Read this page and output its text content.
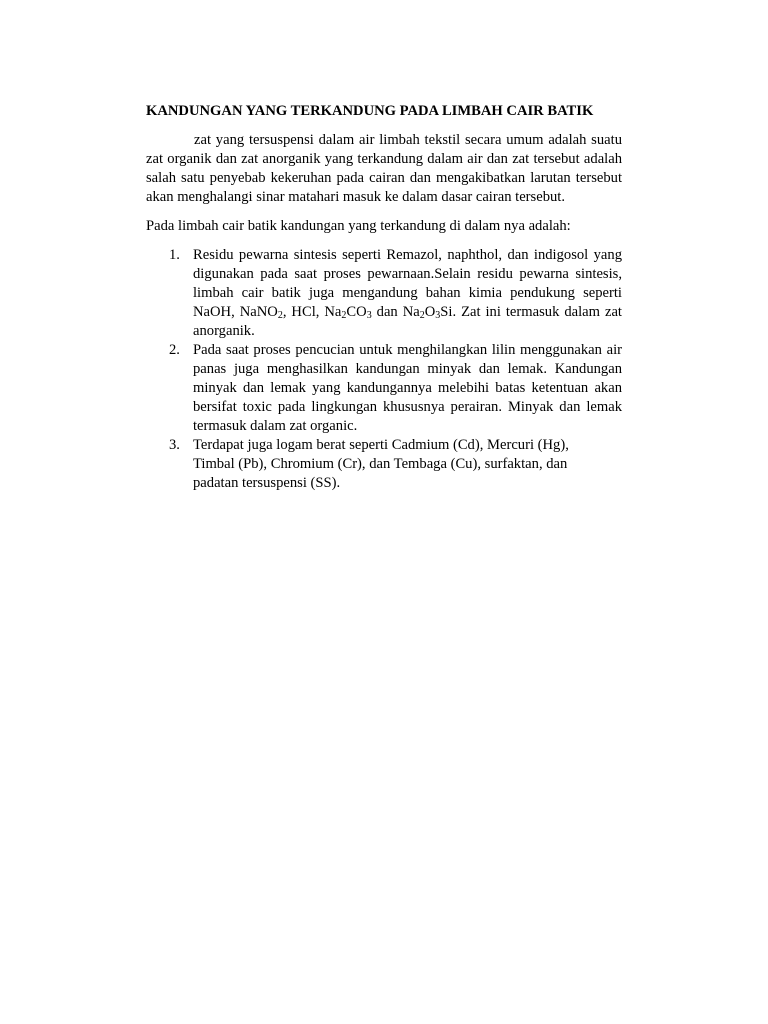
KANDUNGAN YANG TERKANDUNG PADA LIMBAH CAIR BATIK

zat yang tersuspensi dalam air limbah tekstil secara umum adalah suatu zat organik dan zat anorganik yang terkandung dalam air dan zat tersebut adalah salah satu penyebab kekeruhan pada cairan dan mengakibatkan larutan tersebut akan menghalangi sinar matahari masuk ke dalam dasar cairan tersebut.

Pada limbah cair batik kandungan yang terkandung di dalam nya adalah:

1. Residu pewarna sintesis seperti Remazol, naphthol, dan indigosol yang digunakan pada saat proses pewarnaan.Selain residu pewarna sintesis, limbah cair batik juga mengandung bahan kimia pendukung seperti NaOH, NaNO$_2$, HCl, $Na_2CO_3$ dan $Na_2O_3Si$. Zat ini termasuk dalam zat anorganik.
2. Pada saat proses pencucian untuk menghilangkan lilin menggunakan air panas juga menghasilkan kandungan minyak dan lemak. Kandungan minyak dan lemak yang kandungannya melebihi batas ketentuan akan bersifat toxic pada lingkungan khususnya perairan. Minyak dan lemak termasuk dalam zat organic.
3. Terdapat juga logam berat seperti Cadmium (Cd), Mercuri (Hg),
Timbal (Pb), Chromium (Cr), dan Tembaga (Cu), surfaktan, dan
padatan tersuspensi (SS).
